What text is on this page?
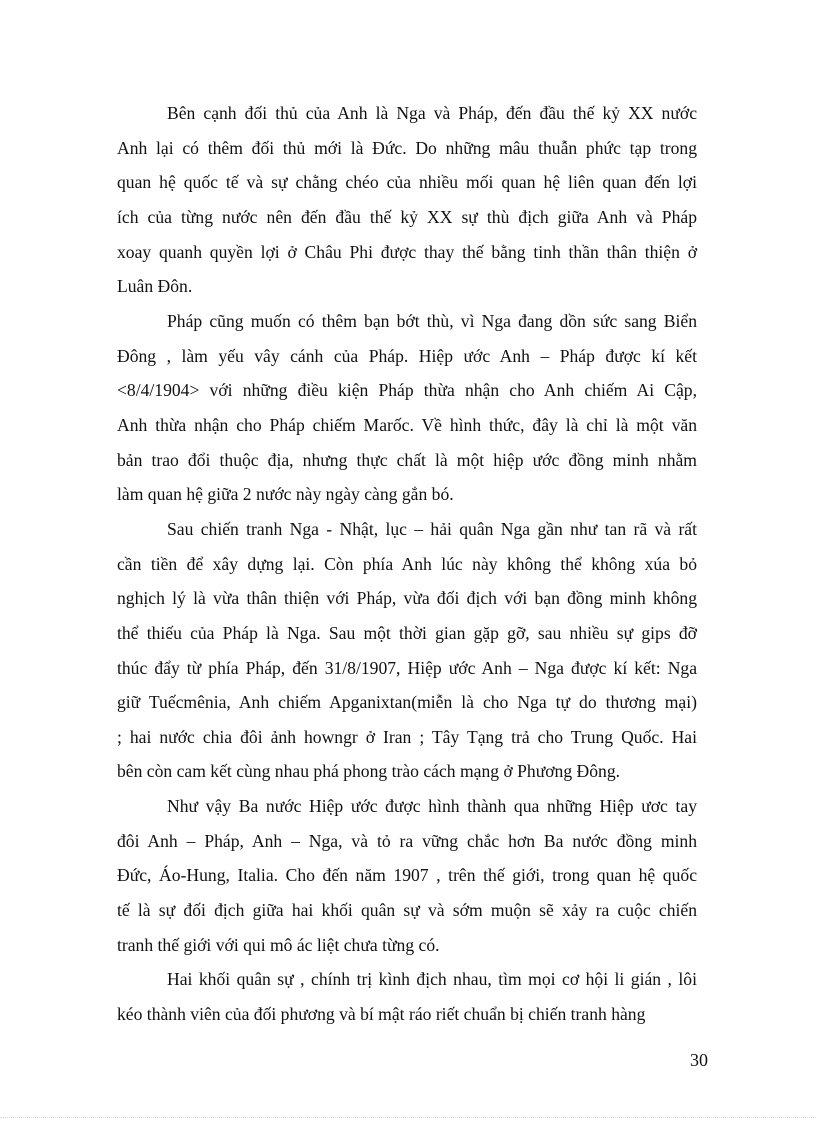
Bên cạnh đối thủ của Anh là Nga và Pháp, đến đầu thế kỷ XX nước
Anh lại có thêm đối thủ mới là Đức. Do những mâu thuẫn phức tạp trong
quan hệ quốc tế và sự chằng chéo của nhiều mối quan hệ liên quan đến lợi
ích của từng nước nên đến đầu thế kỷ XX sự thù địch giữa Anh và Pháp
xoay quanh quyền lợi ở Châu Phi được thay thế bằng tinh thần thân thiện ở
Luân Đôn.

Pháp cũng muốn có thêm bạn bớt thù, vì Nga đang dồn sức sang Biển
Đông , làm yếu vây cánh của Pháp. Hiệp ước Anh – Pháp được kí kết
<8/4/1904> với những điều kiện Pháp thừa nhận cho Anh chiếm Ai Cập,
Anh thừa nhận cho Pháp chiếm Marốc. Về hình thức, đây là chỉ là một văn
bản trao đổi thuộc địa, nhưng thực chất là một hiệp ước đồng minh nhằm
làm quan hệ giữa 2 nước này ngày càng gắn bó.

Sau chiến tranh Nga - Nhật, lục – hải quân Nga gần như tan rã và rất
cần tiền để xây dựng lại. Còn phía Anh lúc này không thể không xúa bỏ
nghịch lý là vừa thân thiện với Pháp, vừa đối địch với bạn đồng minh không
thể thiếu của Pháp là Nga. Sau một thời gian gặp gỡ, sau nhiều sự gips đỡ
thúc đẩy từ phía Pháp, đến 31/8/1907, Hiệp ước Anh – Nga được kí kết: Nga
giữ Tuếcmênia, Anh chiếm Apganixtan(miễn là cho Nga tự do thương mại)
; hai nước chia đôi ảnh howngr ở Iran ; Tây Tạng trả cho Trung Quốc. Hai
bên còn cam kết cùng nhau phá phong trào cách mạng ở Phương Đông.

Như vậy Ba nước Hiệp ước được hình thành qua những Hiệp ươc tay
đôi Anh – Pháp, Anh – Nga, và tỏ ra vững chắc hơn Ba nước đồng minh
Đức, Áo-Hung, Italia. Cho đến năm 1907 , trên thế giới, trong quan hệ quốc
tế là sự đối địch giữa hai khối quân sự và sớm muộn sẽ xảy ra cuộc chiến
tranh thế giới với qui mô ác liệt chưa từng có.

Hai khối quân sự , chính trị kình địch nhau, tìm mọi cơ hội li gián , lôi
kéo thành viên của đối phương và bí mật ráo riết chuẩn bị chiến tranh hàng

30
